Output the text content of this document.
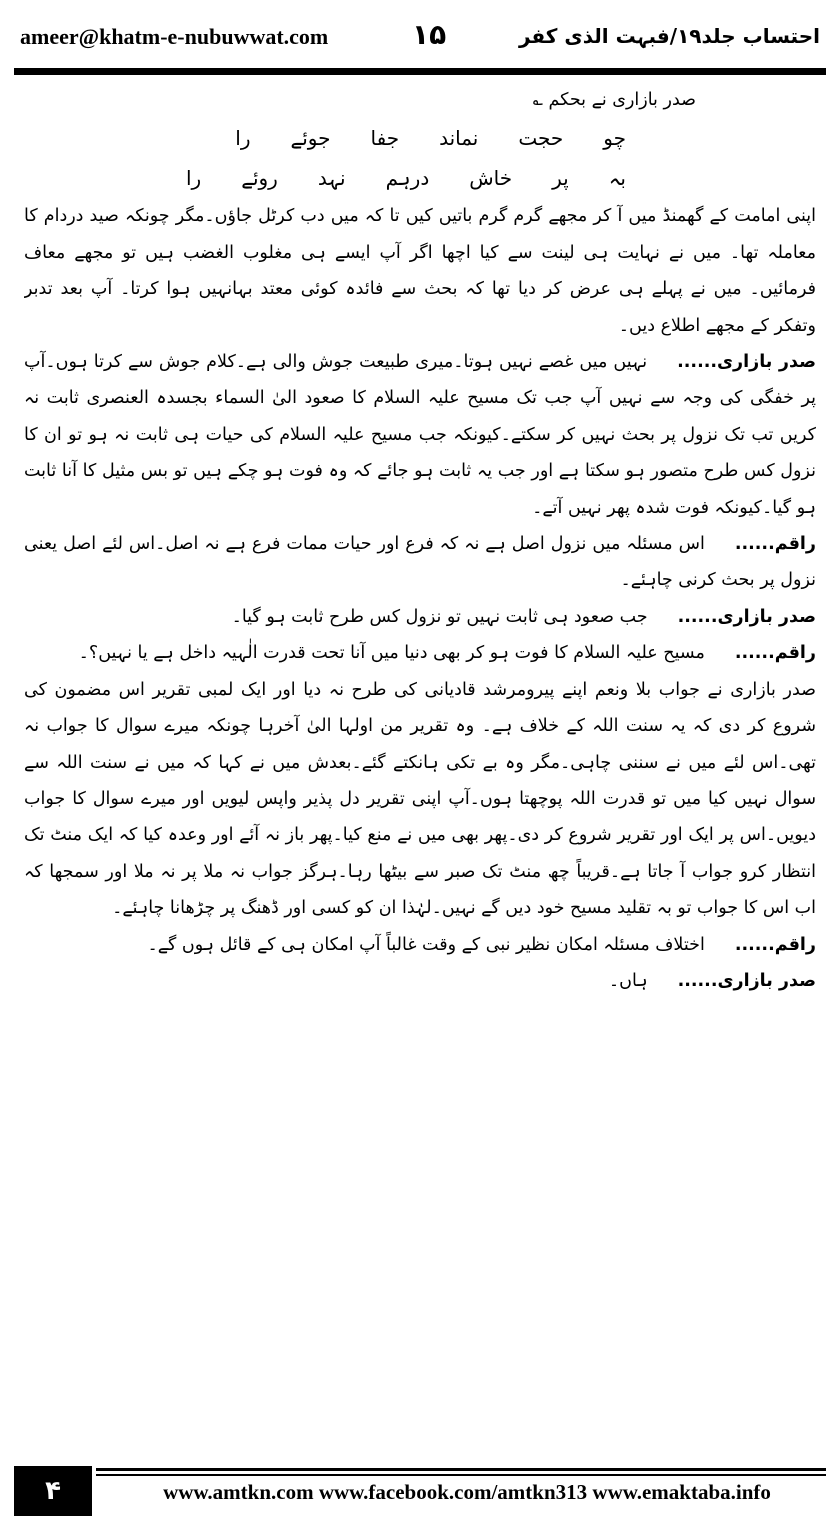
ameer@khatm-e-nubuwwat.com	۱۵	احتساب جلد۱۹/فبہت الذی کفر

صدر بازاری نے بحکم ؎

چو
حجت
نماند
جفا
جوئے
را
بہ
پر
خاش
درہم
نہد
روئے
را

اپنی امامت کے گھمنڈ میں آ کر مجھے گرم گرم باتیں کیں تا کہ میں دب کرٹل جاؤں۔مگر چونکہ صید دردام کا معاملہ تھا۔ میں نے نہایت ہی لینت سے کیا اچھا اگر آپ ایسے ہی مغلوب الغضب ہیں تو مجھے معاف فرمائیں۔ میں نے پہلے ہی عرض کر دیا تھا کہ بحث سے فائدہ کوئی معتد بہانہیں ہوا کرتا۔ آپ بعد تدبر وتفکر کے مجھے اطلاع دیں۔

صدر بازاری......نہیں میں غصے نہیں ہوتا۔میری طبیعت جوش والی ہے۔کلام جوش سے کرتا ہوں۔آپ پر خفگی کی وجہ سے نہیں آپ جب تک مسیح علیہ السلام کا صعود الیٰ السماء بجسدہ العنصری ثابت نہ کریں تب تک نزول پر بحث نہیں کر سکتے۔کیونکہ جب مسیح علیہ السلام کی حیات ہی ثابت نہ ہو تو ان کا نزول کس طرح متصور ہو سکتا ہے اور جب یہ ثابت ہو جائے کہ وہ فوت ہو چکے ہیں تو بس مثیل کا آنا ثابت ہو گیا۔کیونکہ فوت شدہ پھر نہیں آتے۔

راقم......اس مسئلہ میں نزول اصل ہے نہ کہ فرع اور حیات ممات فرع ہے نہ اصل۔اس لئے اصل یعنی نزول پر بحث کرنی چاہئے۔

صدر بازاری......جب صعود ہی ثابت نہیں تو نزول کس طرح ثابت ہو گیا۔

راقم......مسیح علیہ السلام کا فوت ہو کر بھی دنیا میں آنا تحت قدرت الٰہیہ داخل ہے یا نہیں؟۔

صدر بازاری نے جواب بلا ونعم اپنے پیرومرشد قادیانی کی طرح نہ دیا اور ایک لمبی تقریر اس مضمون کی شروع کر دی کہ یہ سنت اللہ کے خلاف ہے۔ وہ تقریر من اولہا الیٰ آخرہا چونکہ میرے سوال کا جواب نہ تھی۔اس لئے میں نے سننی چاہی۔مگر وہ بے تکی ہانکتے گئے۔بعدش میں نے کہا کہ میں نے سنت اللہ سے سوال نہیں کیا میں تو قدرت اللہ پوچھتا ہوں۔آپ اپنی تقریر دل پذیر واپس لیویں اور میرے سوال کا جواب دیویں۔اس پر ایک اور تقریر شروع کر دی۔پھر بھی میں نے منع کیا۔پھر باز نہ آئے اور وعدہ کیا کہ ایک منٹ تک انتظار کرو جواب آ جاتا ہے۔قریباً چھ منٹ تک صبر سے بیٹھا رہا۔ہرگز جواب نہ ملا پر نہ ملا اور سمجھا کہ اب اس کا جواب تو بہ تقلید مسیح خود دیں گے نہیں۔لہٰذا ان کو کسی اور ڈھنگ پر چڑھانا چاہئے۔

راقم......اختلاف مسئلہ امکان نظیر نبی کے وقت غالباً آپ امکان ہی کے قائل ہوں گے۔

صدر بازاری......ہاں۔

۴	www.amtkn.com www.facebook.com/amtkn313 www.emaktaba.info
